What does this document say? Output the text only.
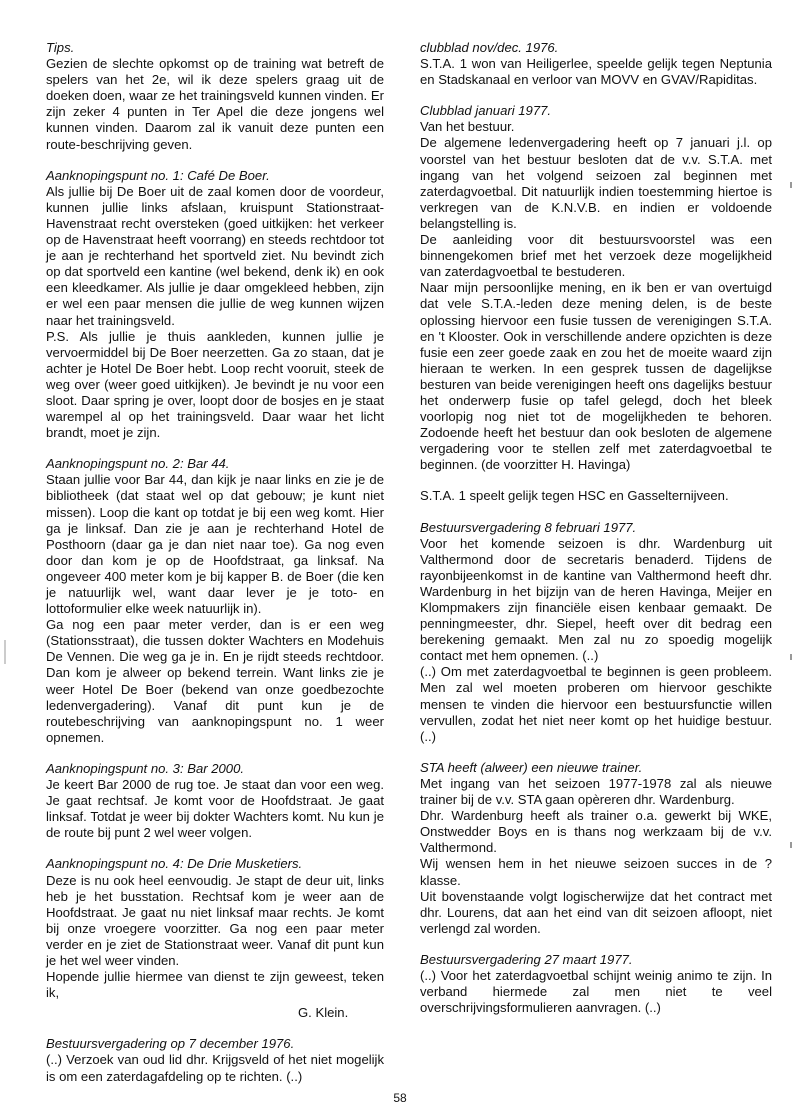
Tips.
Gezien de slechte opkomst op de training wat betreft de spelers van het 2e, wil ik deze spelers graag uit de doeken doen, waar ze het trainingsveld kunnen vinden. Er zijn zeker 4 punten in Ter Apel die deze jongens wel kunnen vinden. Daarom zal ik vanuit deze punten een route-beschrijving geven.
Aanknopingspunt no. 1: Café De Boer.
Als jullie bij De Boer uit de zaal komen door de voordeur, kunnen jullie links afslaan, kruispunt Stationstraat-Havenstraat recht oversteken (goed uitkijken: het verkeer op de Havenstraat heeft voorrang) en steeds rechtdoor tot je aan je rechterhand het sportveld ziet. Nu bevindt zich op dat sportveld een kantine (wel bekend, denk ik) en ook een kleedkamer. Als jullie je daar omgekleed hebben, zijn er wel een paar mensen die jullie de weg kunnen wijzen naar het trainingsveld.
P.S. Als jullie je thuis aankleden, kunnen jullie je vervoermiddel bij De Boer neerzetten. Ga zo staan, dat je achter je Hotel De Boer hebt. Loop recht vooruit, steek de weg over (weer goed uitkijken). Je bevindt je nu voor een sloot. Daar spring je over, loopt door de bosjes en je staat warempel al op het trainingsveld. Daar waar het licht brandt, moet je zijn.
Aanknopingspunt no. 2: Bar 44.
Staan jullie voor Bar 44, dan kijk je naar links en zie je de bibliotheek (dat staat wel op dat gebouw; je kunt niet missen). Loop die kant op totdat je bij een weg komt. Hier ga je linksaf. Dan zie je aan je rechterhand Hotel de Posthoorn (daar ga je dan niet naar toe). Ga nog even door dan kom je op de Hoofdstraat, ga linksaf. Na ongeveer 400 meter kom je bij kapper B. de Boer (die ken je natuurlijk wel, want daar lever je je toto- en lottoformulier elke week natuurlijk in).
Ga nog een paar meter verder, dan is er een weg (Stationsstraat), die tussen dokter Wachters en Modehuis De Vennen. Die weg ga je in. En je rijdt steeds rechtdoor. Dan kom je alweer op bekend terrein. Want links zie je weer Hotel De Boer (bekend van onze goedbezochte ledenvergadering). Vanaf dit punt kun je de routebeschrijving van aanknopingspunt no. 1 weer opnemen.
Aanknopingspunt no. 3: Bar 2000.
Je keert Bar 2000 de rug toe. Je staat dan voor een weg. Je gaat rechtsaf. Je komt voor de Hoofdstraat. Je gaat linksaf. Totdat je weer bij dokter Wachters komt. Nu kun je de route bij punt 2 wel weer volgen.
Aanknopingspunt no. 4: De Drie Musketiers.
Deze is nu ook heel eenvoudig. Je stapt de deur uit, links heb je het busstation. Rechtsaf kom je weer aan de Hoofdstraat. Je gaat nu niet linksaf maar rechts. Je komt bij onze vroegere voorzitter. Ga nog een paar meter verder en je ziet de Stationstraat weer. Vanaf dit punt kun je het wel weer vinden.
Hopende jullie hiermee van dienst te zijn geweest, teken ik,
G. Klein.
Bestuursvergadering op 7 december 1976.
(..) Verzoek van oud lid dhr. Krijgsveld of het niet mogelijk is om een zaterdagafdeling op te richten. (..)
clubblad nov/dec. 1976.
S.T.A. 1 won van Heiligerlee, speelde gelijk tegen Neptunia en Stadskanaal en verloor van MOVV en GVAV/Rapiditas.
Clubblad januari 1977.
Van het bestuur.
De algemene ledenvergadering heeft op 7 januari j.l. op voorstel van het bestuur besloten dat de v.v. S.T.A. met ingang van het volgend seizoen zal beginnen met zaterdagvoetbal. Dit natuurlijk indien toestemming hiertoe is verkregen van de K.N.V.B. en indien er voldoende belangstelling is.
De aanleiding voor dit bestuursvoorstel was een binnengekomen brief met het verzoek deze mogelijkheid van zaterdagvoetbal te bestuderen.
Naar mijn persoonlijke mening, en ik ben er van overtuigd dat vele S.T.A.-leden deze mening delen, is de beste oplossing hiervoor een fusie tussen de verenigingen S.T.A. en 't Klooster. Ook in verschillende andere opzichten is deze fusie een zeer goede zaak en zou het de moeite waard zijn hieraan te werken. In een gesprek tussen de dagelijkse besturen van beide verenigingen heeft ons dagelijks bestuur het onderwerp fusie op tafel gelegd, doch het bleek voorlopig nog niet tot de mogelijkheden te behoren. Zodoende heeft het bestuur dan ook besloten de algemene vergadering voor te stellen zelf met zaterdagvoetbal te beginnen. (de voorzitter H. Havinga)
S.T.A. 1 speelt gelijk tegen HSC en Gasselternijveen.
Bestuursvergadering 8 februari 1977.
Voor het komende seizoen is dhr. Wardenburg uit Valthermond door de secretaris benaderd. Tijdens de rayonbijeenkomst in de kantine van Valthermond heeft dhr. Wardenburg in het bijzijn van de heren Havinga, Meijer en Klompmakers zijn financiële eisen kenbaar gemaakt. De penningmeester, dhr. Siepel, heeft over dit bedrag een berekening gemaakt. Men zal nu zo spoedig mogelijk contact met hem opnemen. (..)
(..) Om met zaterdagvoetbal te beginnen is geen probleem. Men zal wel moeten proberen om hiervoor geschikte mensen te vinden die hiervoor een bestuursfunctie willen vervullen, zodat het niet neer komt op het huidige bestuur. (..)
STA heeft (alweer) een nieuwe trainer.
Met ingang van het seizoen 1977-1978 zal als nieuwe trainer bij de v.v. STA gaan opèreren dhr. Wardenburg.
Dhr. Wardenburg heeft als trainer o.a. gewerkt bij WKE, Onstwedder Boys en is thans nog werkzaam bij de v.v. Valthermond.
Wij wensen hem in het nieuwe seizoen succes in de ? klasse.
Uit bovenstaande volgt logischerwijze dat het contract met dhr. Lourens, dat aan het eind van dit seizoen afloopt, niet verlengd zal worden.
Bestuursvergadering 27 maart 1977.
(..) Voor het zaterdagvoetbal schijnt weinig animo te zijn. In verband hiermede zal men niet te veel overschrijvingsformulieren aanvragen. (..)
58
